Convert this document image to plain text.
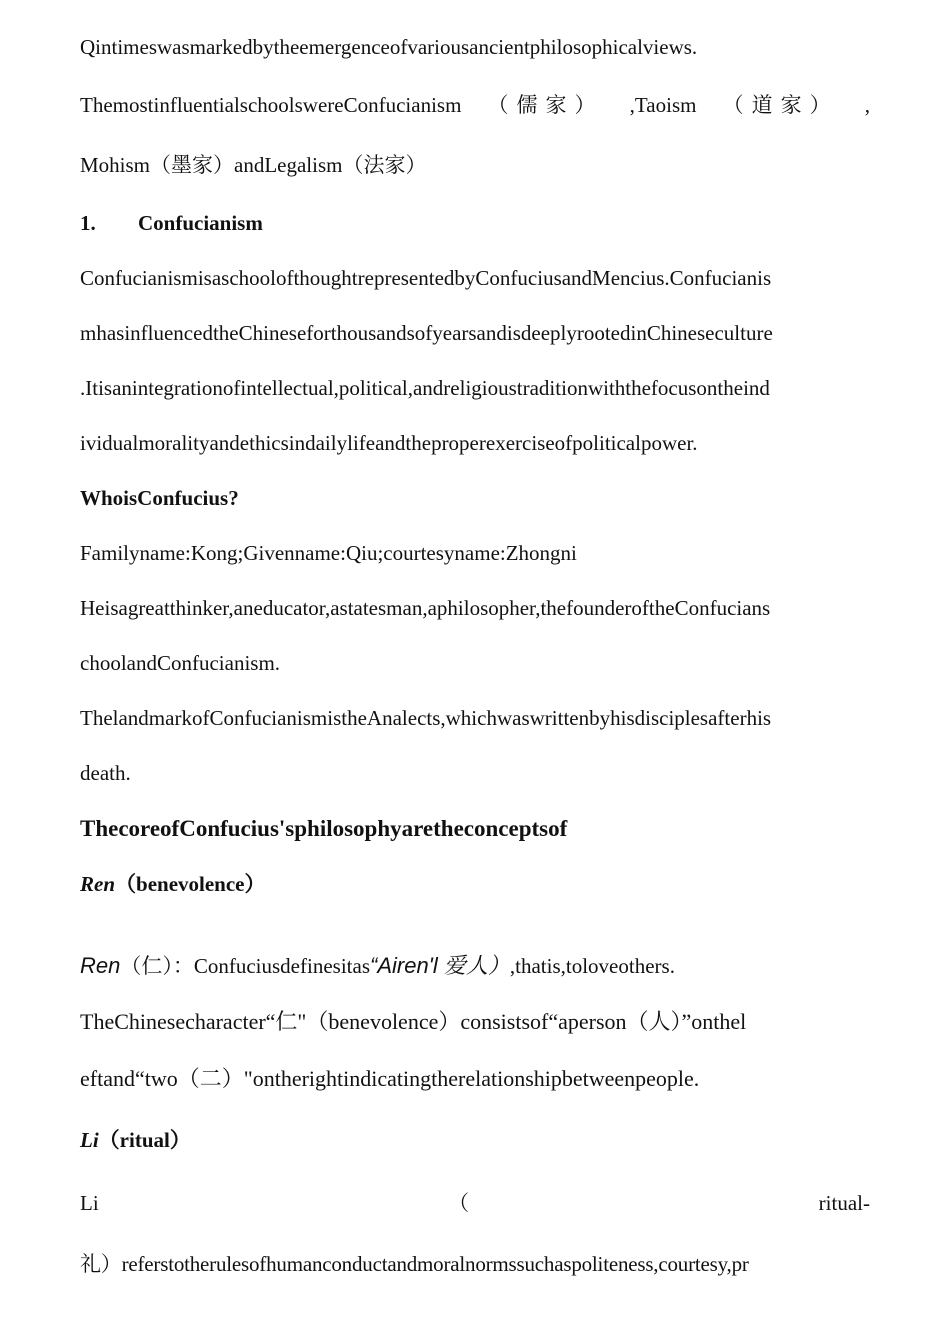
Qintimeswasmarkedbytheemergenceofvariousancientphilosophicalviews.
ThemostinfluentialschoolswereConfucianism （儒家） ,Taoism （道家） ,
Mohism（墨家）andLegalism（法家）
1. Confucianism
ConfucianismisaschoolofthoughtrepresentedbyConfuciusandMencius.Confucianis
mhasinfluencedtheChineseforthousandsofyearsandisdeeplyrootedinChineseculture
.Itisanintegrationofintellectual,political,andreligioustraditionwiththefocusontheind
ividualmoralityandethicsindailylifeandtheproperexerciseofpoliticalpower.
WhoisConfucius?
Familyname:Kong;Givenname:Qiu;courtesyname:Zhongni
Heisagreatthinker,aneducator,astatesman,aphilosopher,thefounderoftheConfucians
choolandConfucianism.
ThelandmarkofConfucianismistheAnalects,whichwaswrittenbyhisdisciplesafterhis
death.
ThecoreofConfucius'sphilosophyaretheconceptsof
Ren（benevolence）
Ren（仁）：Confuciusdefinesitas“Airen'l 爱人）,thatis,toloveothers.
TheChinesecharacter“仁"（benevolence）consistsof“aperson（人）”onthel
eftand“two（二）"ontherightindicatingtherelationshipbetweenpeople.
Li（ritual）
Li	（	ritual-
礼）referstotherulesofhumanconductandmoralnormssuchaspoliteness,courtesy,pr
